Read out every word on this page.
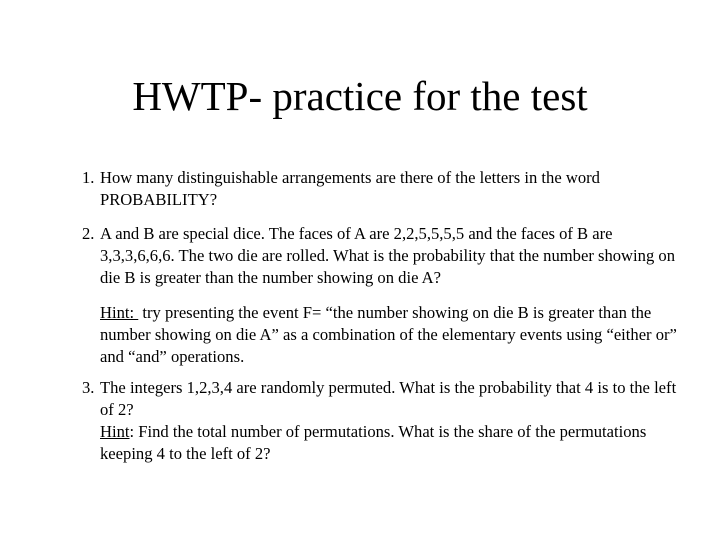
HWTP- practice for the test
1. How many distinguishable arrangements are there of the letters in the word PROBABILITY?
2. A and B are special dice. The faces of A are 2,2,5,5,5,5 and the faces of B are 3,3,3,6,6,6. The two die are rolled. What is the probability that the number showing on die B is greater than the number showing on die A?
Hint:  try presenting the event F= “the number showing on die B is greater than the number showing on die A” as a combination of the elementary events using “either or” and “and” operations.
3. The integers 1,2,3,4 are randomly permuted. What is the probability that 4 is to the left of 2?
Hint: Find the total number of permutations. What is the share of the permutations keeping 4 to the left of 2?
